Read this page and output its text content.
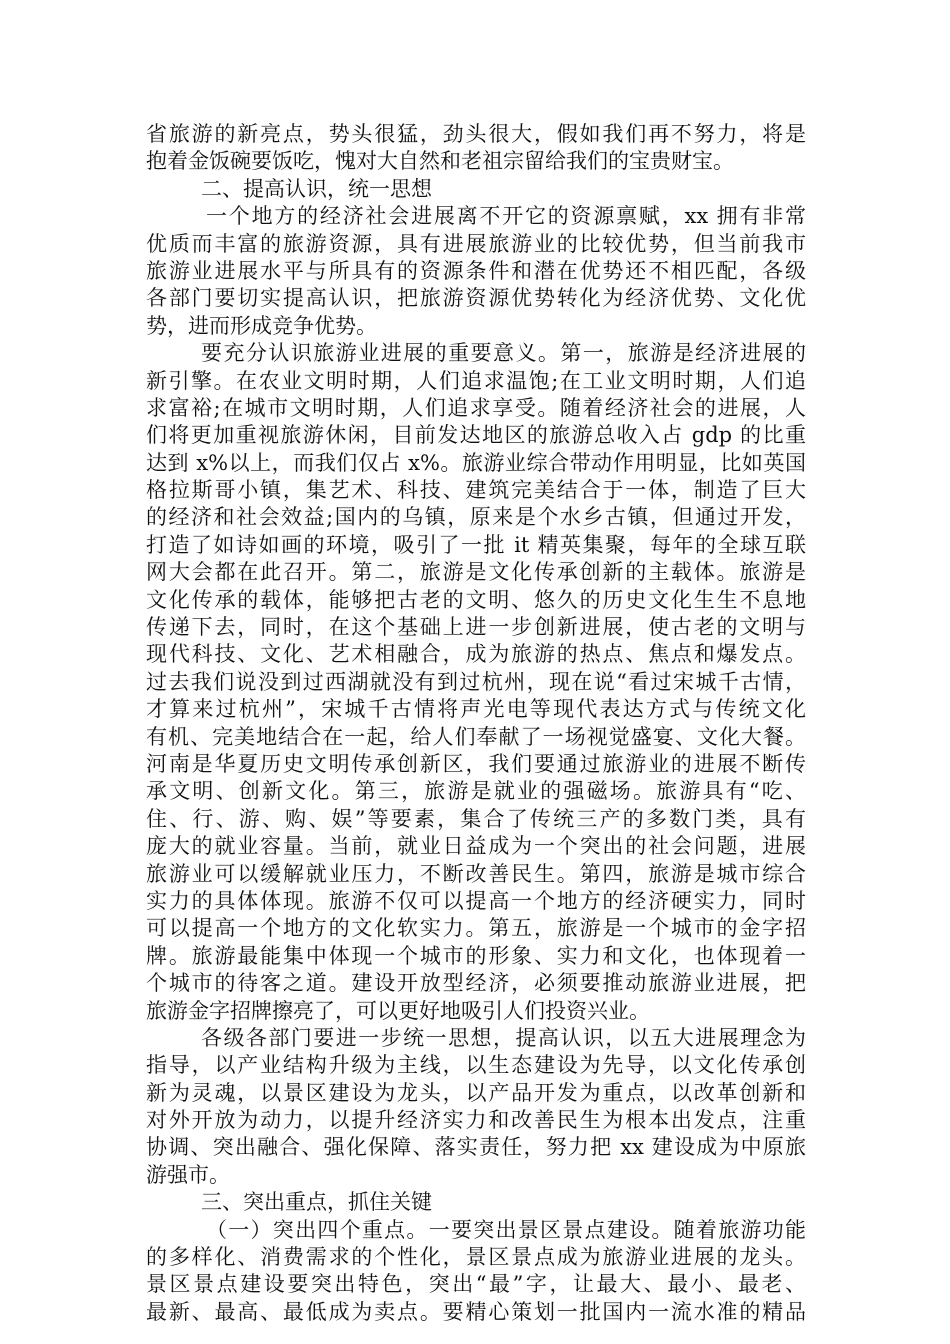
省旅游的新亮点，势头很猛，劲头很大，假如我们再不努力，将是
抱着金饭碗要饭吃，愧对大自然和老祖宗留给我们的宝贵财宝。
二、提高认识，统一思想
一个地方的经济社会进展离不开它的资源禀赋，xx 拥有非常
优质而丰富的旅游资源，具有进展旅游业的比较优势，但当前我市
旅游业进展水平与所具有的资源条件和潜在优势还不相匹配，各级
各部门要切实提高认识，把旅游资源优势转化为经济优势、文化优
势，进而形成竞争优势。
要充分认识旅游业进展的重要意义。第一，旅游是经济进展的
新引擎。在农业文明时期，人们追求温饱;在工业文明时期，人们追
求富裕;在城市文明时期，人们追求享受。随着经济社会的进展，人
们将更加重视旅游休闲，目前发达地区的旅游总收入占 gdp 的比重
达到 x%以上，而我们仅占 x%。旅游业综合带动作用明显，比如英国
格拉斯哥小镇，集艺术、科技、建筑完美结合于一体，制造了巨大
的经济和社会效益;国内的乌镇，原来是个水乡古镇，但通过开发，
打造了如诗如画的环境，吸引了一批 it 精英集聚，每年的全球互联
网大会都在此召开。第二，旅游是文化传承创新的主载体。旅游是
文化传承的载体，能够把古老的文明、悠久的历史文化生生不息地
传递下去，同时，在这个基础上进一步创新进展，使古老的文明与
现代科技、文化、艺术相融合，成为旅游的热点、焦点和爆发点。
过去我们说没到过西湖就没有到过杭州，现在说“看过宋城千古情，
才算来过杭州”，宋城千古情将声光电等现代表达方式与传统文化
有机、完美地结合在一起，给人们奉献了一场视觉盛宴、文化大餐。
河南是华夏历史文明传承创新区，我们要通过旅游业的进展不断传
承文明、创新文化。第三，旅游是就业的强磁场。旅游具有“吃、
住、行、游、购、娱”等要素，集合了传统三产的多数门类，具有
庞大的就业容量。当前，就业日益成为一个突出的社会问题，进展
旅游业可以缓解就业压力，不断改善民生。第四，旅游是城市综合
实力的具体体现。旅游不仅可以提高一个地方的经济硬实力，同时
可以提高一个地方的文化软实力。第五，旅游是一个城市的金字招
牌。旅游最能集中体现一个城市的形象、实力和文化，也体现着一
个城市的待客之道。建设开放型经济，必须要推动旅游业进展，把
旅游金字招牌擦亮了，可以更好地吸引人们投资兴业。
各级各部门要进一步统一思想，提高认识，以五大进展理念为
指导，以产业结构升级为主线，以生态建设为先导，以文化传承创
新为灵魂，以景区建设为龙头，以产品开发为重点，以改革创新和
对外开放为动力，以提升经济实力和改善民生为根本出发点，注重
协调、突出融合、强化保障、落实责任，努力把 xx 建设成为中原旅
游强市。
三、突出重点，抓住关键
（一）突出四个重点。一要突出景区景点建设。随着旅游功能
的多样化、消费需求的个性化，景区景点成为旅游业进展的龙头。
景区景点建设要突出特色，突出“最”字，让最大、最小、最老、
最新、最高、最低成为卖点。要精心策划一批国内一流水准的精品
